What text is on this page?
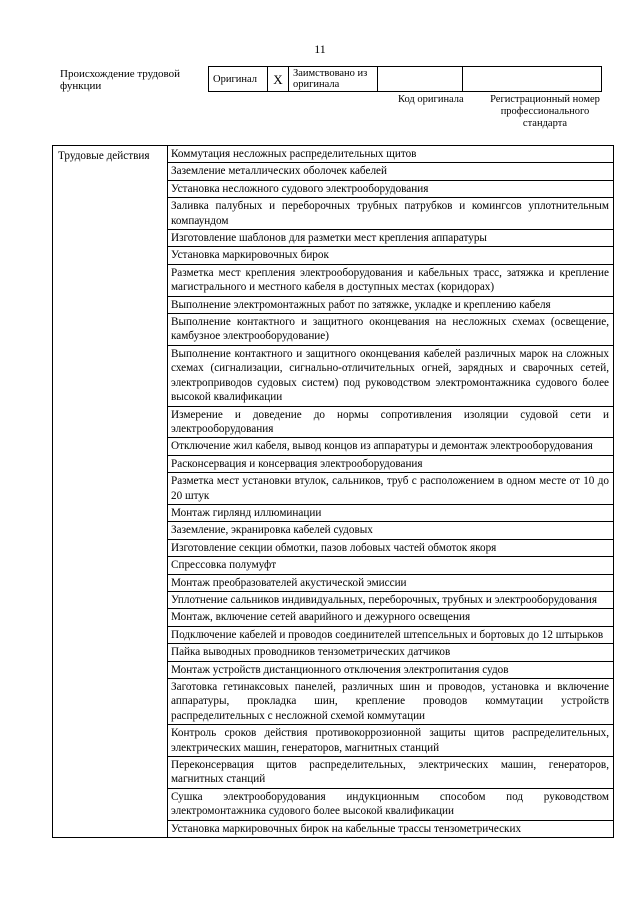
11
Происхождение трудовой функции
Оригинал	X	Заимствовано из оригинала		
Код оригинала	Регистрационный номер профессионального стандарта
Трудовые действия	Коммутация несложных распределительных щитов
Заземление металлических оболочек кабелей
Установка несложного судового электрооборудования
Заливка палубных и переборочных трубных патрубков и комингсов уплотнительным компаундом
Изготовление шаблонов для разметки мест крепления аппаратуры
Установка маркировочных бирок
Разметка мест крепления электрооборудования и кабельных трасс, затяжка и крепление магистрального и местного кабеля в доступных местах (коридорах)
Выполнение электромонтажных работ по затяжке, укладке и креплению кабеля
Выполнение контактного и защитного оконцевания на несложных схемах (освещение, камбузное электрооборудование)
Выполнение контактного и защитного оконцевания кабелей различных марок на сложных схемах (сигнализации, сигнально-отличительных огней, зарядных и сварочных сетей, электроприводов судовых систем) под руководством электромонтажника судового более высокой квалификации
Измерение и доведение до нормы сопротивления изоляции судовой сети и электрооборудования
Отключение жил кабеля, вывод концов из аппаратуры и демонтаж электрооборудования
Расконсервация и консервация электрооборудования
Разметка мест установки втулок, сальников, труб с расположением в одном месте от 10 до 20 штук
Монтаж гирлянд иллюминации
Заземление, экранировка кабелей судовых
Изготовление секции обмотки, пазов лобовых частей обмоток якоря
Спрессовка полумуфт
Монтаж преобразователей акустической эмиссии
Уплотнение сальников индивидуальных, переборочных, трубных и электрооборудования
Монтаж, включение сетей аварийного и дежурного освещения
Подключение кабелей и проводов соединителей штепсельных и бортовых до 12 штырьков
Пайка выводных проводников тензометрических датчиков
Монтаж устройств дистанционного отключения электропитания судов
Заготовка гетинаксовых панелей, различных шин и проводов, установка и включение аппаратуры, прокладка шин, крепление проводов коммутации устройств распределительных с несложной схемой коммутации
Контроль сроков действия противокоррозионной защиты щитов распределительных, электрических машин, генераторов, магнитных станций
Переконсервация щитов распределительных, электрических машин, генераторов, магнитных станций
Сушка электрооборудования индукционным способом под руководством электромонтажника судового более высокой квалификации
Установка маркировочных бирок на кабельные трассы тензометрических
